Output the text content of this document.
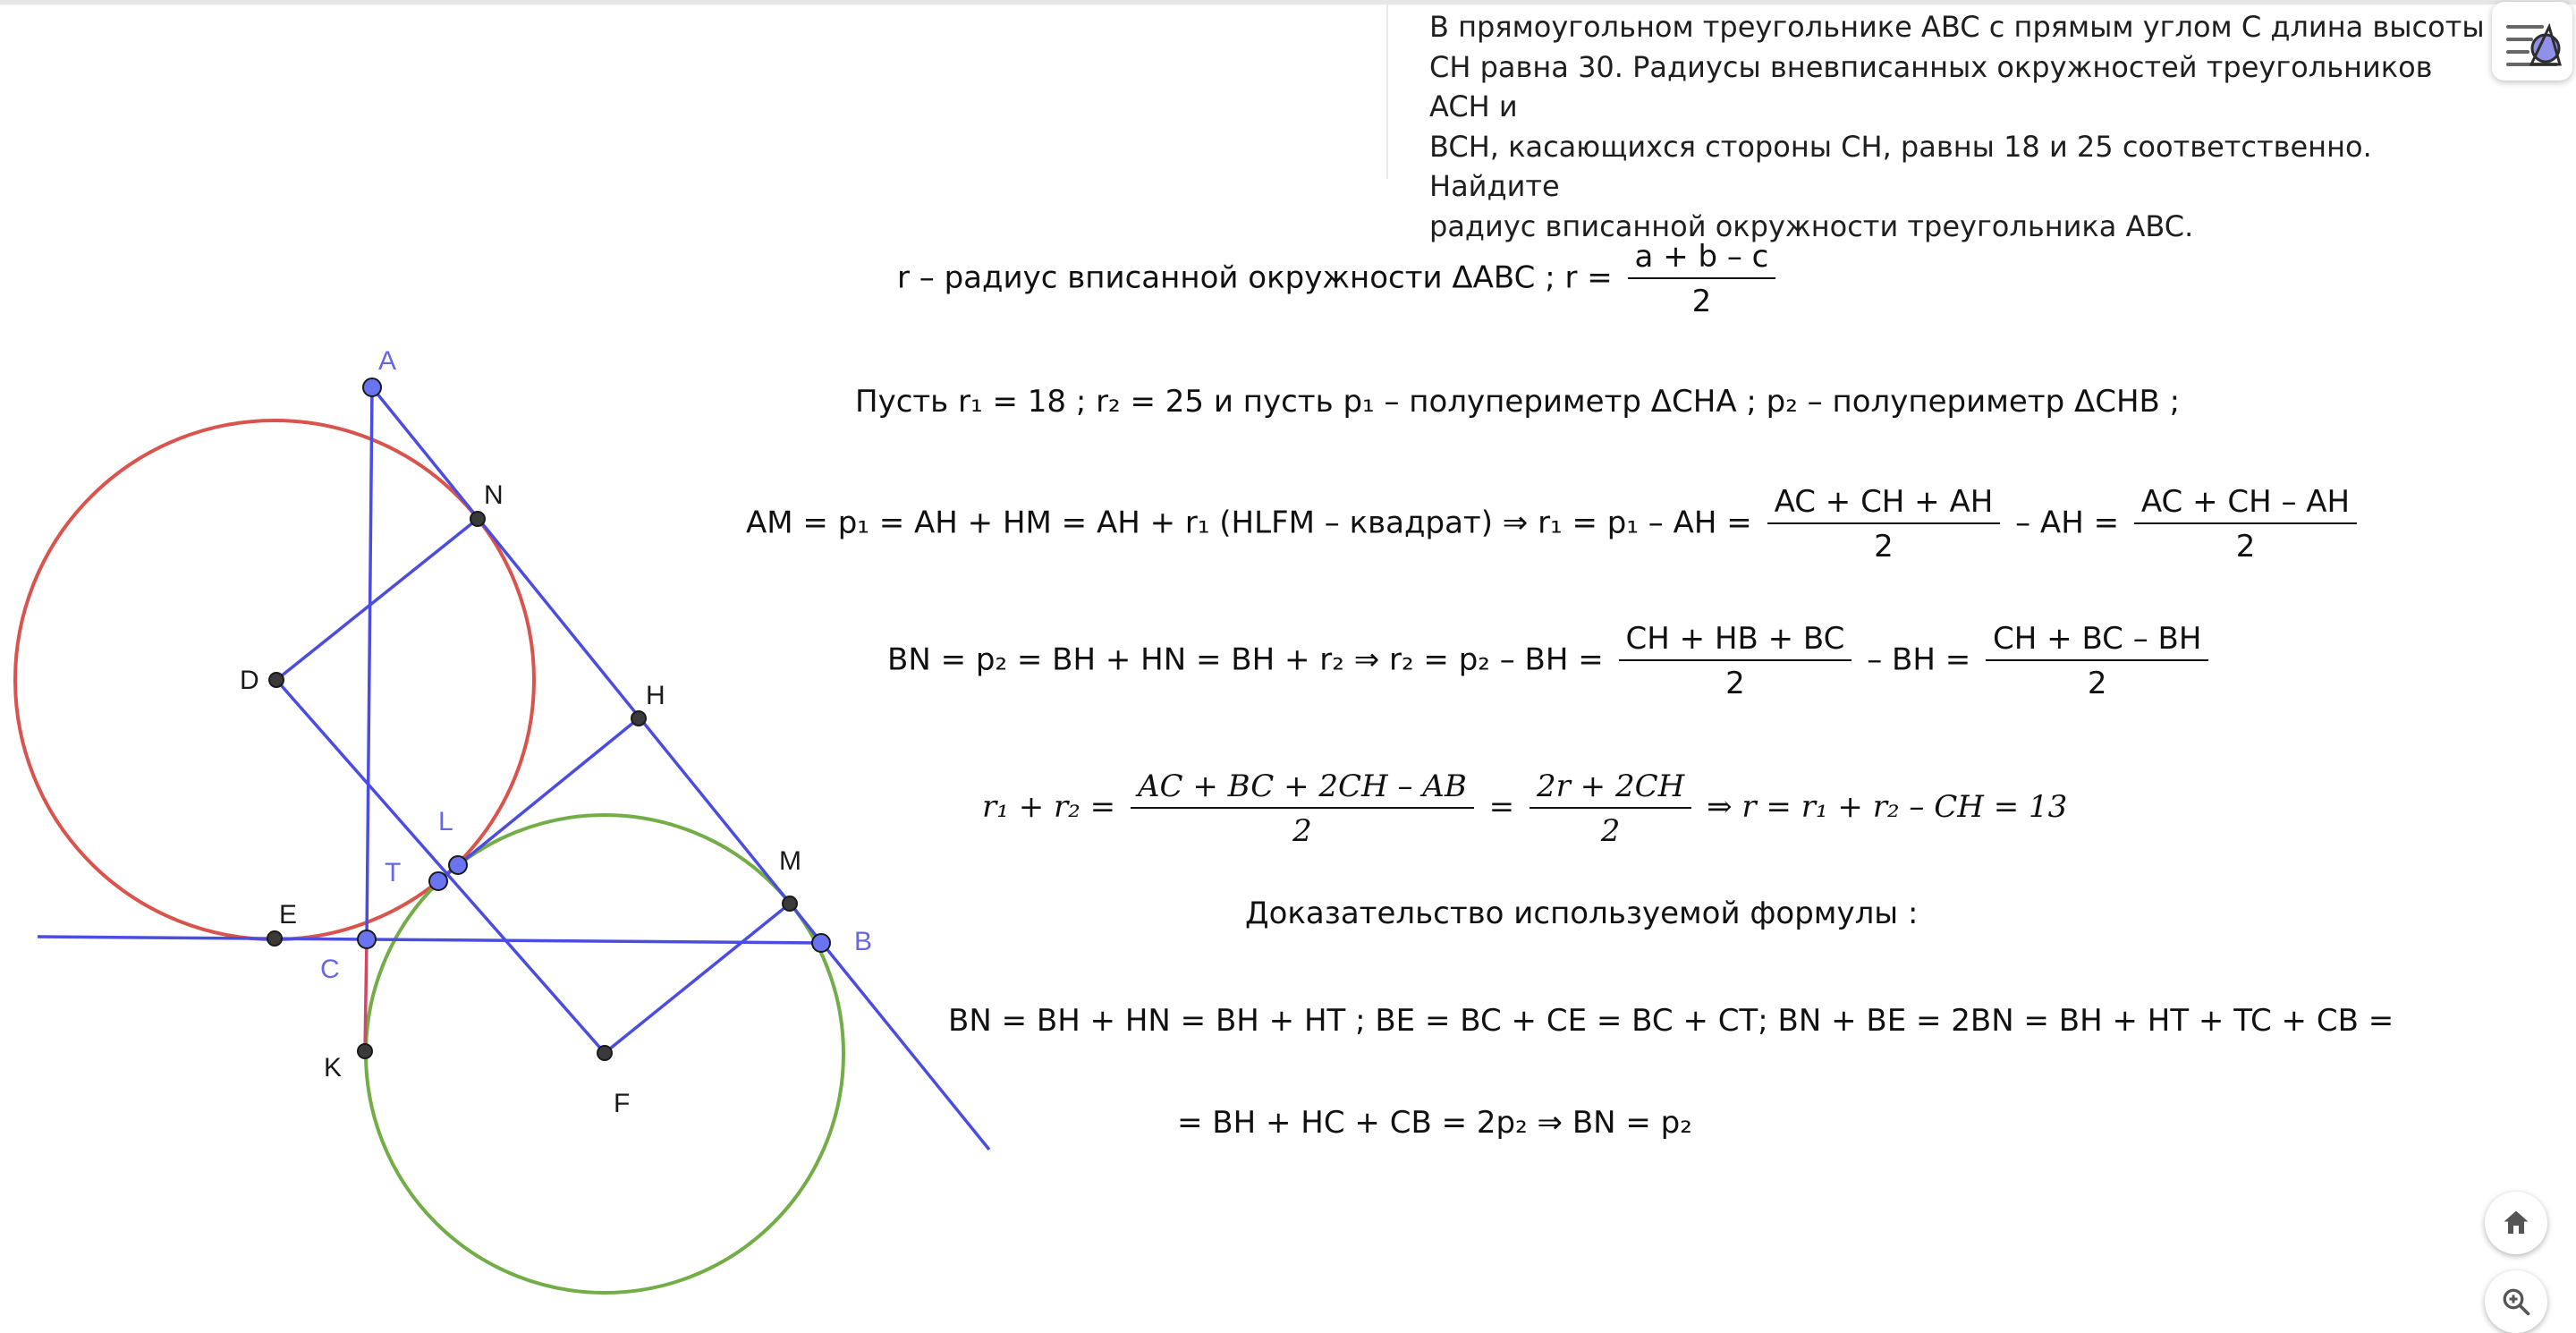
A
N
D
H
L
T	M
E
C
B
K
F
В прямоугольном треугольнике ABC с прямым углом C длина высоты
CH равна 30. Радиусы вневписанных окружностей треугольников ACH и
BCH, касающихся стороны CH, равны 18 и 25 соответственно. Найдите
радиус вписанной окружности треугольника ABC.
r – радиус вписанной окружности ΔABC ; $r = \frac{a + b - c}{2}$
Пусть r₁ = 18 ; r₂ = 25 и пусть p₁ – полупериметр ΔCHA ; p₂ – полупериметр ΔCHB ;
AM = p₁ = AH + HM = AH + r₁ (HLFM – квадрат) ⇒ r₁ = p₁ – AH = $\frac{AC + CH + AH}{2}$ – AH = $\frac{AC + CH - AH}{2}$
BN = p₂ = BH + HN = BH + r₂ ⇒ r₂ = p₂ – BH = $\frac{CH + HB + BC}{2}$ – BH = $\frac{CH + BC - BH}{2}$
$r_1 + r_2 = \frac{AC + BC + 2CH - AB}{2} = \frac{2r + 2CH}{2}$ ⇒ r = r₁ + r₂ – CH = 13
Доказательство используемой формулы :
BN = BH + HN = BH + HT ; BE = BC + CE = BC + CT; BN + BE = 2BN = BH + HT + TC + CB =
= BH + HC + CB = 2p₂ ⇒ BN = p₂
